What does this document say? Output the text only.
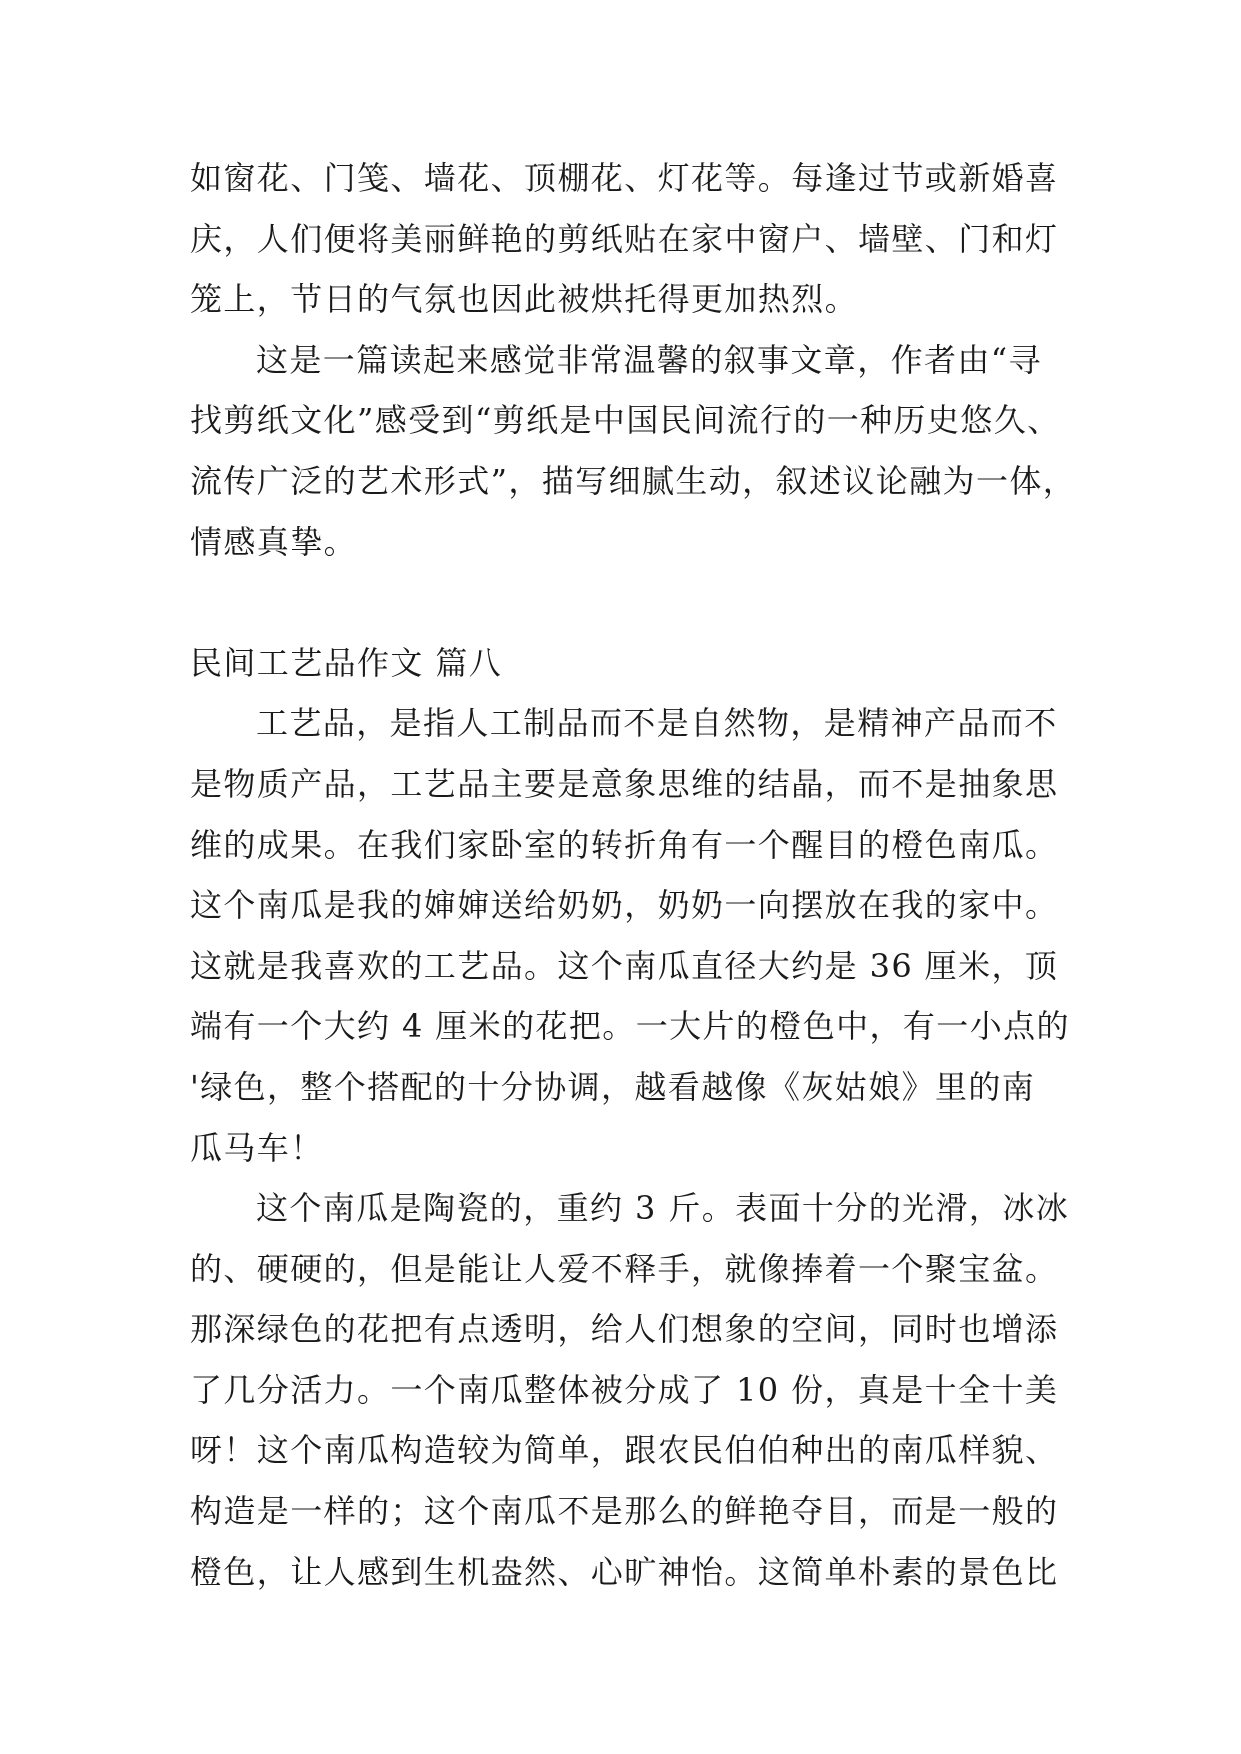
如窗花、门笺、墙花、顶棚花、灯花等。每逢过节或新婚喜
庆，人们便将美丽鲜艳的剪纸贴在家中窗户、墙壁、门和灯
笼上，节日的气氛也因此被烘托得更加热烈。
这是一篇读起来感觉非常温馨的叙事文章，作者由“寻
找剪纸文化”感受到“剪纸是中国民间流行的一种历史悠久、
流传广泛的艺术形式”，描写细腻生动，叙述议论融为一体，
情感真挚。
民间工艺品作文 篇八
工艺品，是指人工制品而不是自然物，是精神产品而不
是物质产品，工艺品主要是意象思维的结晶，而不是抽象思
维的成果。在我们家卧室的转折角有一个醒目的橙色南瓜。
这个南瓜是我的婶婶送给奶奶，奶奶一向摆放在我的家中。
这就是我喜欢的工艺品。这个南瓜直径大约是 36 厘米，顶
端有一个大约 4 厘米的花把。一大片的橙色中，有一小点的
'绿色，整个搭配的十分协调，越看越像《灰姑娘》里的南
瓜马车！
这个南瓜是陶瓷的，重约 3 斤。表面十分的光滑，冰冰
的、硬硬的，但是能让人爱不释手，就像捧着一个聚宝盆。
那深绿色的花把有点透明，给人们想象的空间，同时也增添
了几分活力。一个南瓜整体被分成了 10 份，真是十全十美
呀！这个南瓜构造较为简单，跟农民伯伯种出的南瓜样貌、
构造是一样的；这个南瓜不是那么的鲜艳夺目，而是一般的
橙色，让人感到生机盎然、心旷神怡。这简单朴素的景色比
